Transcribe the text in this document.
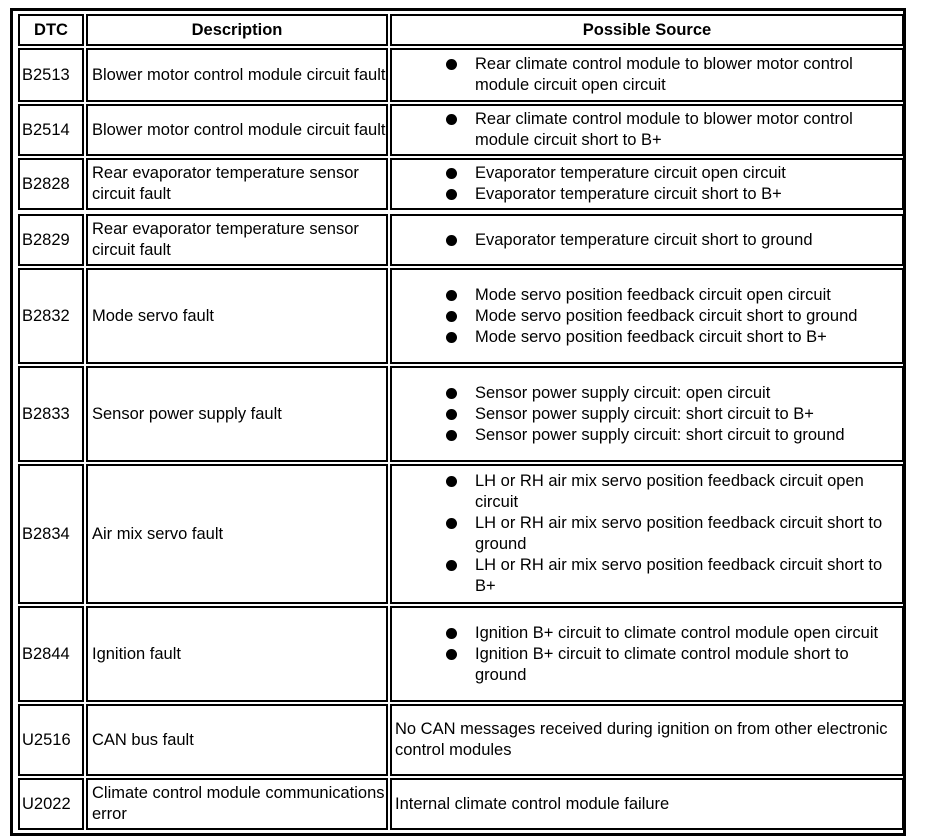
DTC	Description	Possible Source
B2513 Blower motor control module circuit fault
Rear climate control module to blower motor control module circuit open circuit
B2514 Blower motor control module circuit fault
Rear climate control module to blower motor control module circuit short to B+
B2828
Rear evaporator temperature sensor circuit fault
Evaporator temperature circuit open circuit
Evaporator temperature circuit short to B+
B2829
Rear evaporator temperature sensor circuit fault
Evaporator temperature circuit short to ground
B2832 Mode servo fault
Mode servo position feedback circuit open circuit
Mode servo position feedback circuit short to ground
Mode servo position feedback circuit short to B+
B2833 Sensor power supply fault
Sensor power supply circuit: open circuit
Sensor power supply circuit: short circuit to B+
Sensor power supply circuit: short circuit to ground
B2834 Air mix servo fault
LH or RH air mix servo position feedback circuit open circuit
LH or RH air mix servo position feedback circuit short to ground
LH or RH air mix servo position feedback circuit short to B+
B2844 Ignition fault
Ignition B+ circuit to climate control module open circuit
Ignition B+ circuit to climate control module short to ground
U2516 CAN bus fault
No CAN messages received during ignition on from other electronic control modules
U2022
Climate control module communications error
Internal climate control module failure
